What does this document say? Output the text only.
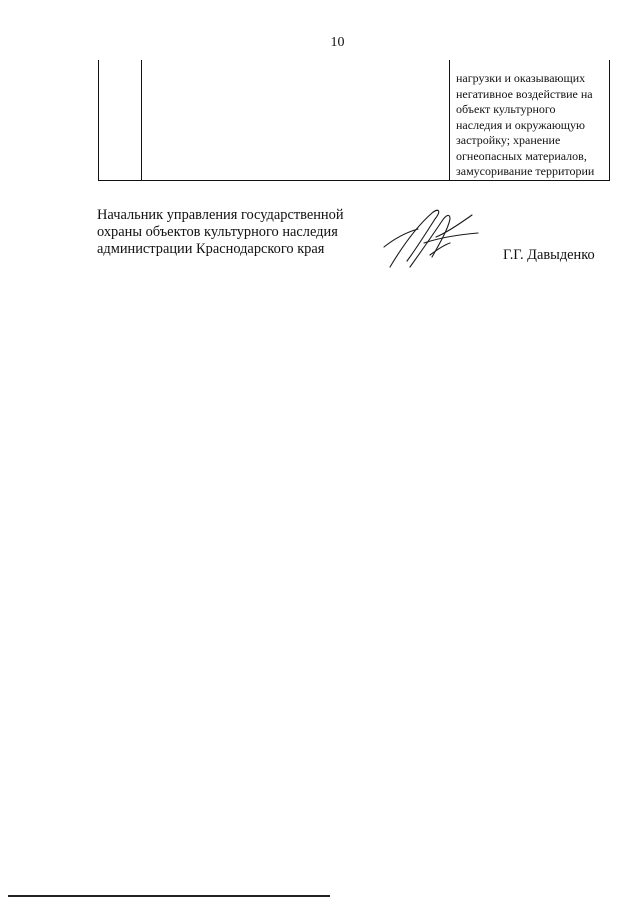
10

нагрузки и оказывающих
негативное воздействие на
объект культурного
наследия и окружающую
застройку; хранение
огнеопасных материалов,
замусоривание территории
Начальник управления государственной
охраны объектов культурного наследия
администрации Краснодарского края	Г.Г. Давыденко
